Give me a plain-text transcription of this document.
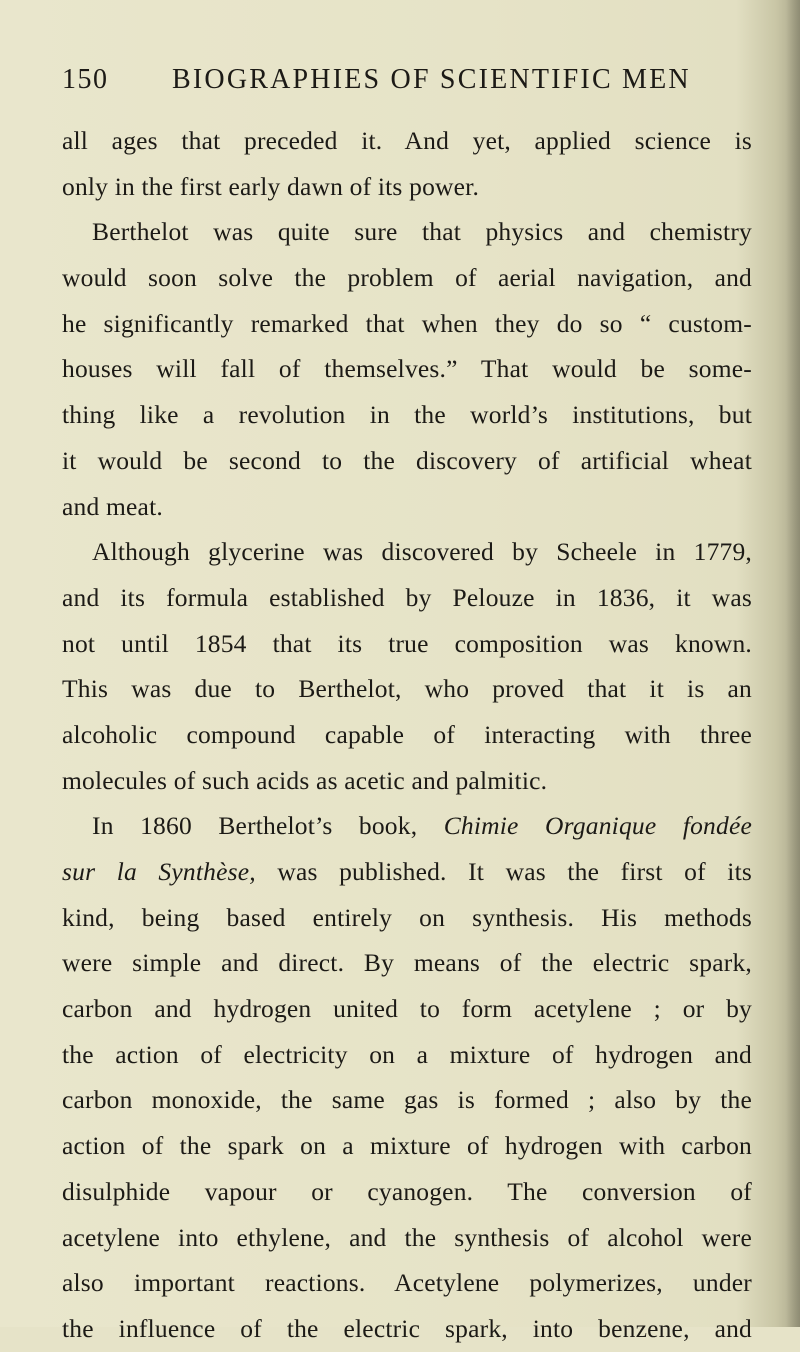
150 BIOGRAPHIES OF SCIENTIFIC MEN
all ages that preceded it. And yet, applied science is
only in the first early dawn of its power.
Berthelot was quite sure that physics and chemistry
would soon solve the problem of aerial navigation, and
he significantly remarked that when they do so “ custom-
houses will fall of themselves.” That would be some-
thing like a revolution in the world’s institutions, but
it would be second to the discovery of artificial wheat
and meat.
Although glycerine was discovered by Scheele in 1779,
and its formula established by Pelouze in 1836, it was
not until 1854 that its true composition was known.
This was due to Berthelot, who proved that it is an
alcoholic compound capable of interacting with three
molecules of such acids as acetic and palmitic.
In 1860 Berthelot’s book, Chimie Organique fondée
sur la Synthèse, was published. It was the first of its
kind, being based entirely on synthesis. His methods
were simple and direct. By means of the electric spark,
carbon and hydrogen united to form acetylene ; or by
the action of electricity on a mixture of hydrogen and
carbon monoxide, the same gas is formed ; also by the
action of the spark on a mixture of hydrogen with carbon
disulphide vapour or cyanogen. The conversion of
acetylene into ethylene, and the synthesis of alcohol were
also important reactions. Acetylene polymerizes, under
the influence of the electric spark, into benzene, and
